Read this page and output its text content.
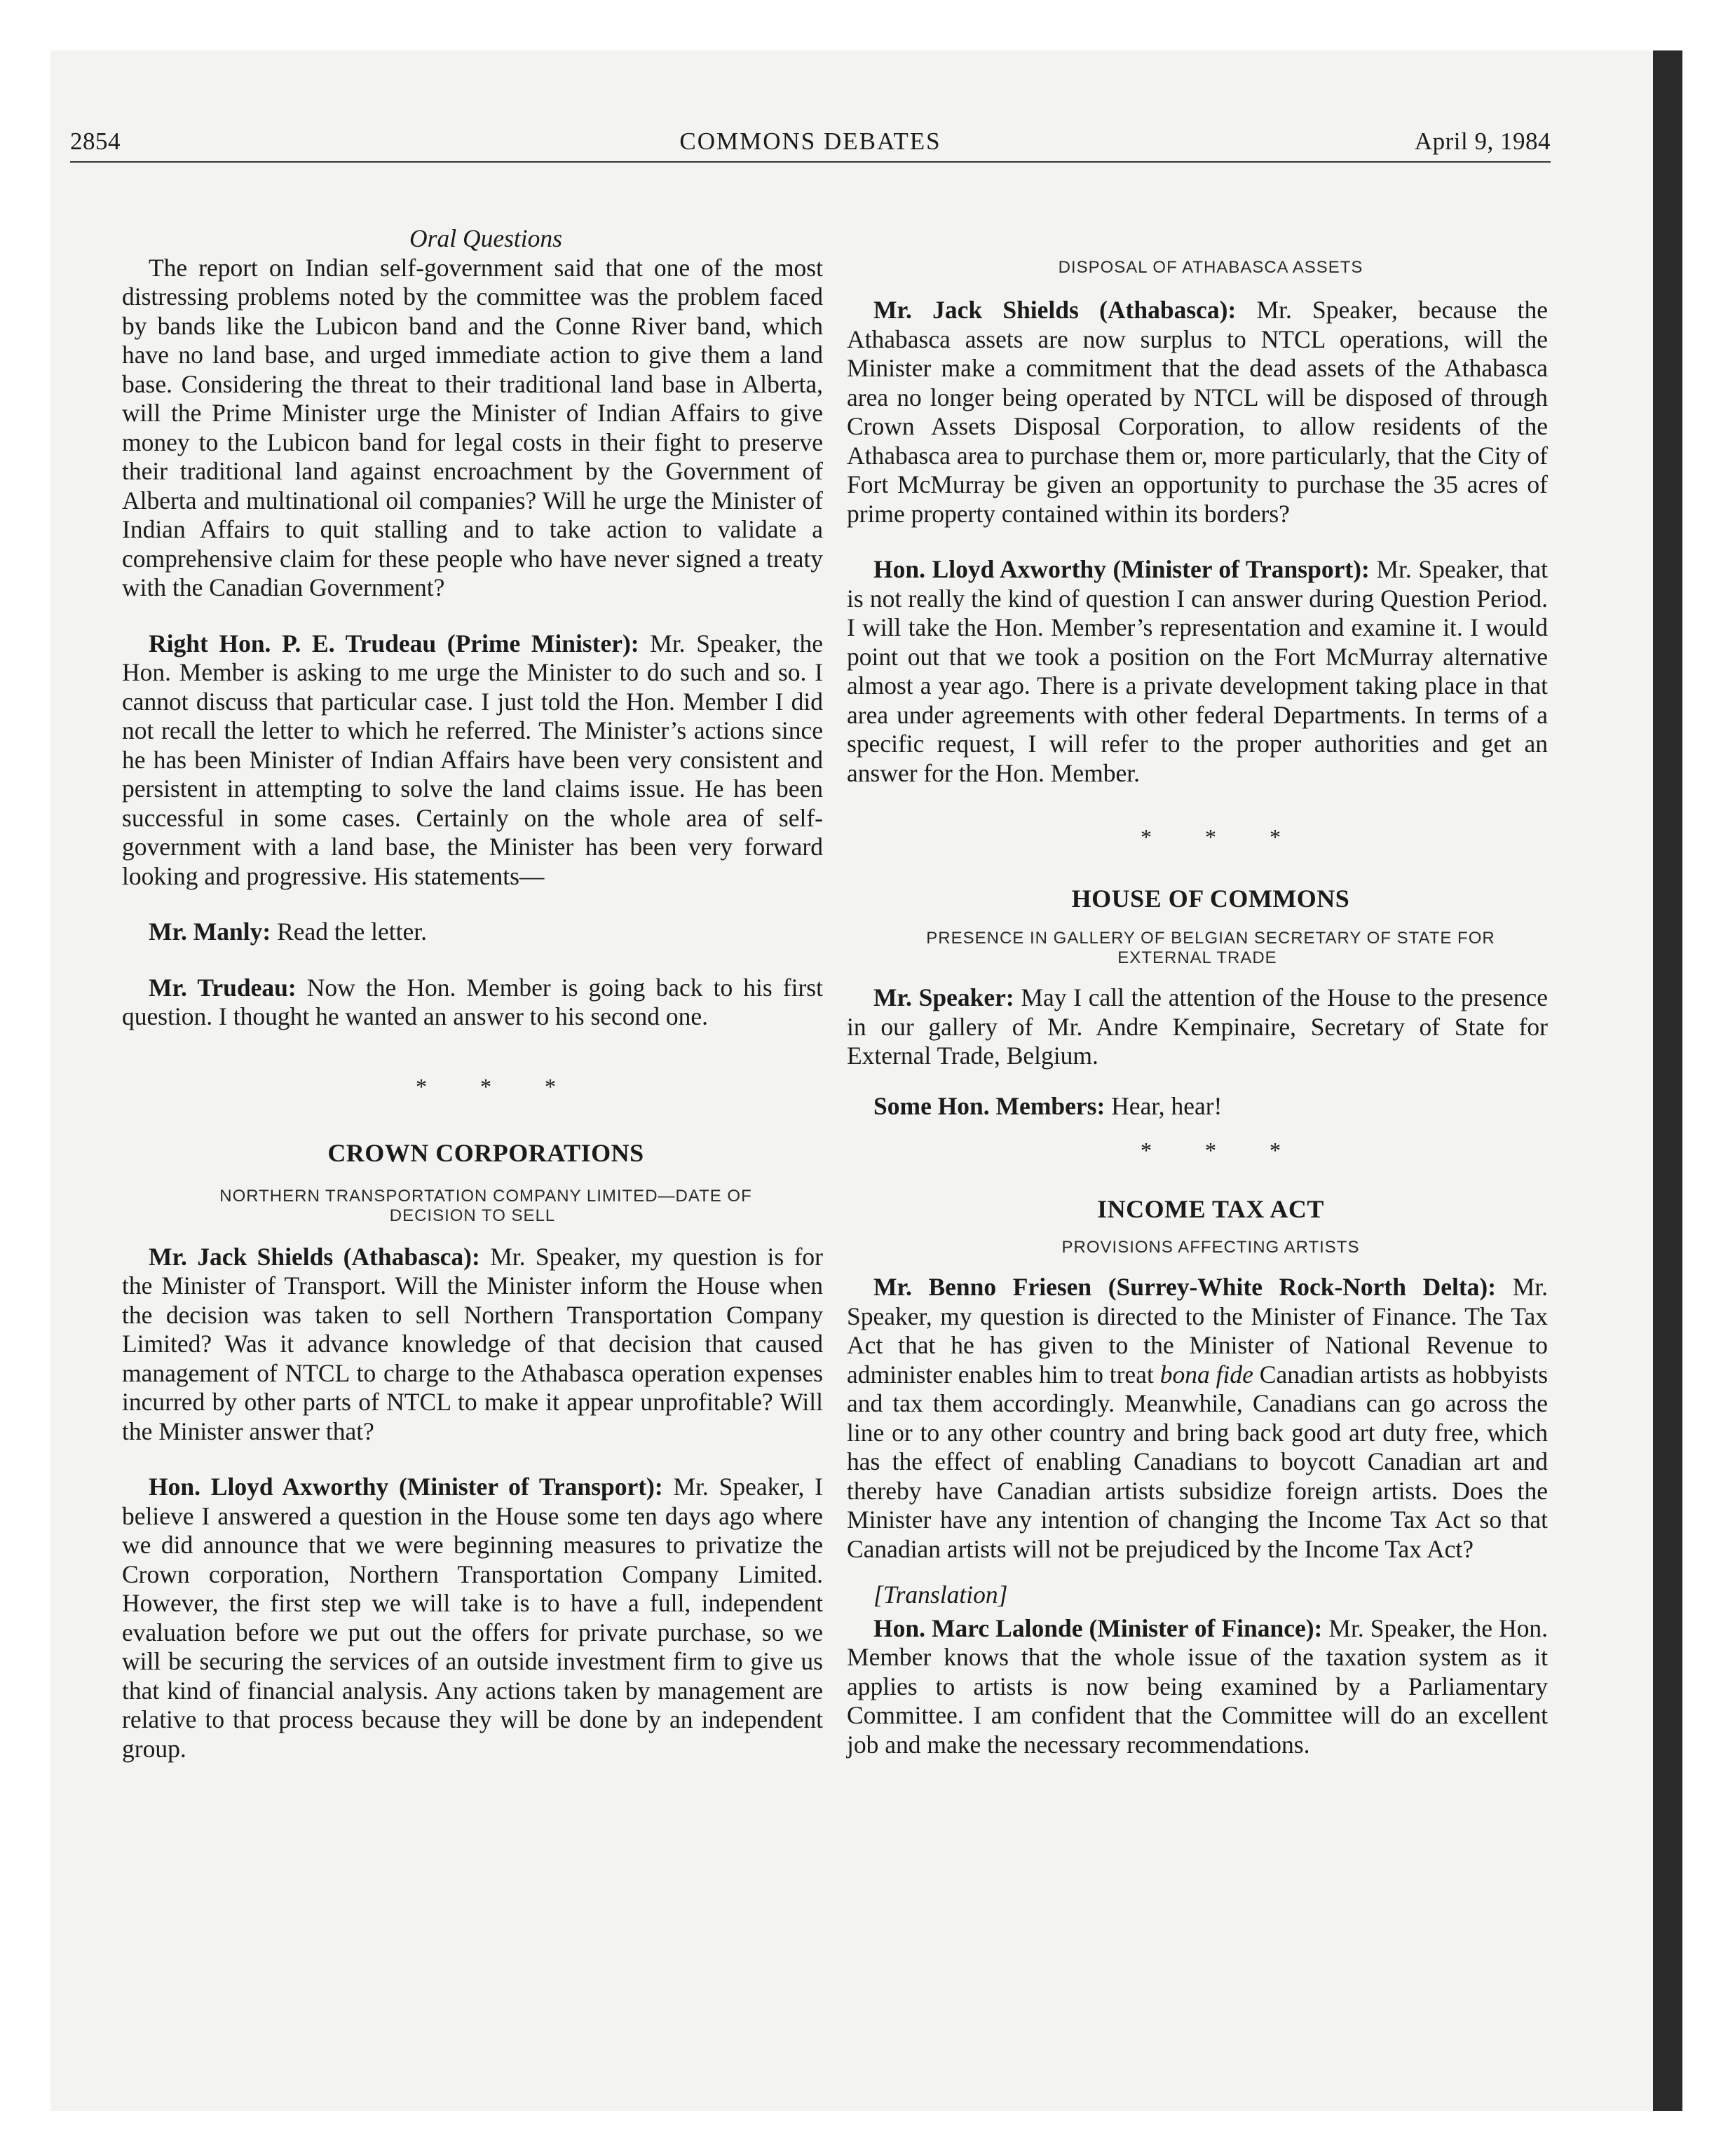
2854	COMMONS DEBATES	April 9, 1984

Oral Questions

The report on Indian self-government said that one of the most distressing problems noted by the committee was the problem faced by bands like the Lubicon band and the Conne River band, which have no land base, and urged immediate action to give them a land base. Considering the threat to their traditional land base in Alberta, will the Prime Minister urge the Minister of Indian Affairs to give money to the Lubicon band for legal costs in their fight to preserve their traditional land against encroachment by the Government of Alberta and multinational oil companies? Will he urge the Minister of Indian Affairs to quit stalling and to take action to validate a comprehensive claim for these people who have never signed a treaty with the Canadian Government?

Right Hon. P. E. Trudeau (Prime Minister): Mr. Speaker, the Hon. Member is asking to me urge the Minister to do such and so. I cannot discuss that particular case. I just told the Hon. Member I did not recall the letter to which he referred. The Minister’s actions since he has been Minister of Indian Affairs have been very consistent and persistent in attempting to solve the land claims issue. He has been successful in some cases. Certainly on the whole area of self-government with a land base, the Minister has been very forward looking and progressive. His statements—

Mr. Manly: Read the letter.

Mr. Trudeau: Now the Hon. Member is going back to his first question. I thought he wanted an answer to his second one.

* * *

CROWN CORPORATIONS

NORTHERN TRANSPORTATION COMPANY LIMITED—DATE OF DECISION TO SELL

Mr. Jack Shields (Athabasca): Mr. Speaker, my question is for the Minister of Transport. Will the Minister inform the House when the decision was taken to sell Northern Transportation Company Limited? Was it advance knowledge of that decision that caused management of NTCL to charge to the Athabasca operation expenses incurred by other parts of NTCL to make it appear unprofitable? Will the Minister answer that?

Hon. Lloyd Axworthy (Minister of Transport): Mr. Speaker, I believe I answered a question in the House some ten days ago where we did announce that we were beginning measures to privatize the Crown corporation, Northern Transportation Company Limited. However, the first step we will take is to have a full, independent evaluation before we put out the offers for private purchase, so we will be securing the services of an outside investment firm to give us that kind of financial analysis. Any actions taken by management are relative to that process because they will be done by an independent group.

DISPOSAL OF ATHABASCA ASSETS

Mr. Jack Shields (Athabasca): Mr. Speaker, because the Athabasca assets are now surplus to NTCL operations, will the Minister make a commitment that the dead assets of the Athabasca area no longer being operated by NTCL will be disposed of through Crown Assets Disposal Corporation, to allow residents of the Athabasca area to purchase them or, more particularly, that the City of Fort McMurray be given an opportunity to purchase the 35 acres of prime property contained within its borders?

Hon. Lloyd Axworthy (Minister of Transport): Mr. Speaker, that is not really the kind of question I can answer during Question Period. I will take the Hon. Member’s representation and examine it. I would point out that we took a position on the Fort McMurray alternative almost a year ago. There is a private development taking place in that area under agreements with other federal Departments. In terms of a specific request, I will refer to the proper authorities and get an answer for the Hon. Member.

* * *

HOUSE OF COMMONS

PRESENCE IN GALLERY OF BELGIAN SECRETARY OF STATE FOR EXTERNAL TRADE

Mr. Speaker: May I call the attention of the House to the presence in our gallery of Mr. Andre Kempinaire, Secretary of State for External Trade, Belgium.

Some Hon. Members: Hear, hear!

* * *

INCOME TAX ACT

PROVISIONS AFFECTING ARTISTS

Mr. Benno Friesen (Surrey-White Rock-North Delta): Mr. Speaker, my question is directed to the Minister of Finance. The Tax Act that he has given to the Minister of National Revenue to administer enables him to treat bona fide Canadian artists as hobbyists and tax them accordingly. Meanwhile, Canadians can go across the line or to any other country and bring back good art duty free, which has the effect of enabling Canadians to boycott Canadian art and thereby have Canadian artists subsidize foreign artists. Does the Minister have any intention of changing the Income Tax Act so that Canadian artists will not be prejudiced by the Income Tax Act?

[Translation]

Hon. Marc Lalonde (Minister of Finance): Mr. Speaker, the Hon. Member knows that the whole issue of the taxation system as it applies to artists is now being examined by a Parliamentary Committee. I am confident that the Committee will do an excellent job and make the necessary recommendations.
